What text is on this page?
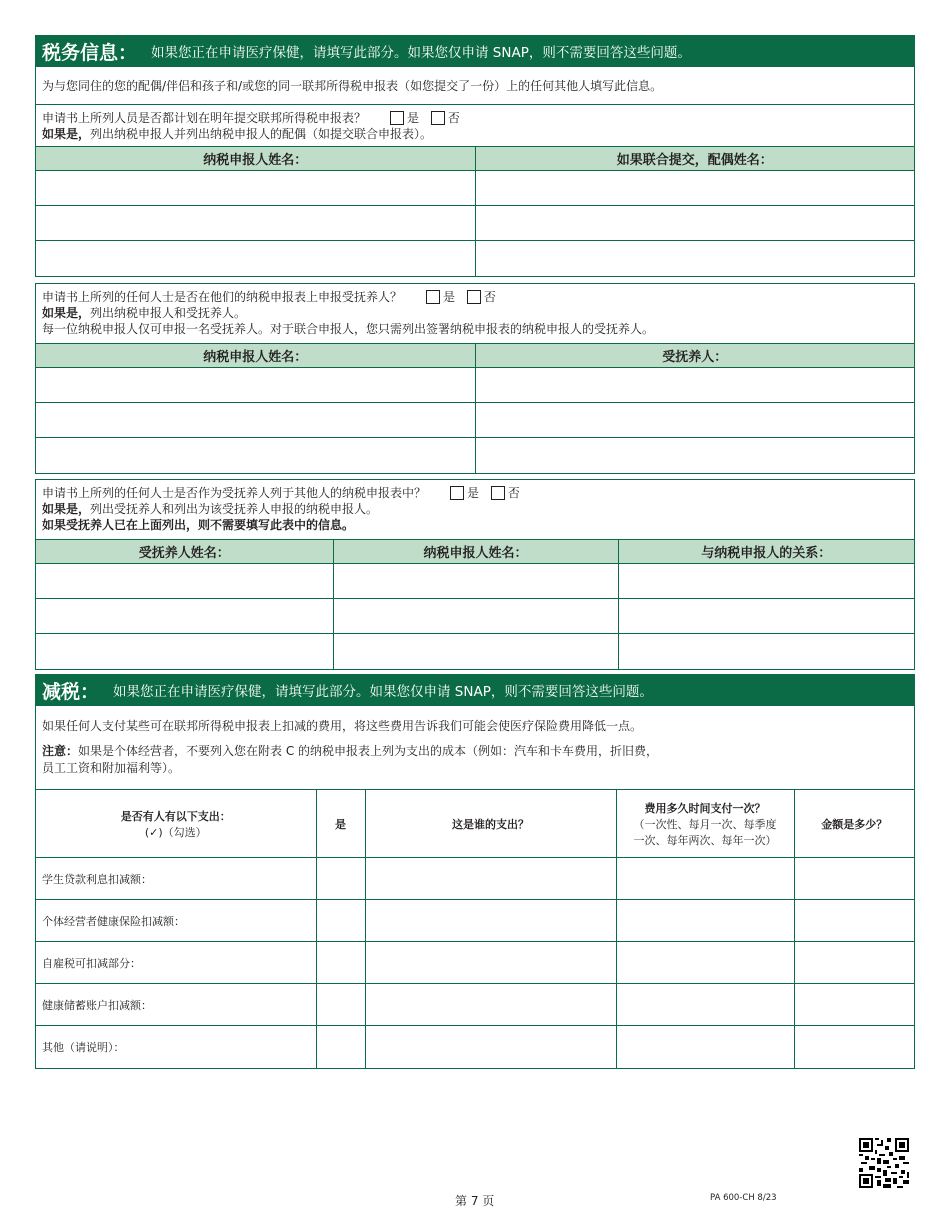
税务信息： 如果您正在申请医疗保健，请填写此部分。如果您仅申请 SNAP，则不需要回答这些问题。
为与您同住的您的配偶/伴侣和孩子和/或您的同一联邦所得税申报表（如您提交了一份）上的任何其他人填写此信息。
申请书上所列人员是否都计划在明年提交联邦所得税申报表？	是 否
如果是，列出纳税申报人并列出纳税申报人的配偶（如提交联合申报表）。
纳税申报人姓名：	如果联合提交，配偶姓名：

申请书上所列的任何人士是否在他们的纳税申报表上申报受抚养人？	是 否
如果是，列出纳税申报人和受抚养人。
每一位纳税申报人仅可申报一名受抚养人。对于联合申报人，您只需列出签署纳税申报表的纳税申报人的受抚养人。
纳税申报人姓名：	受抚养人：

申请书上所列的任何人士是否作为受抚养人列于其他人的纳税申报表中？	是 否
如果是，列出受抚养人和列出为该受抚养人申报的纳税申报人。
如果受抚养人已在上面列出，则不需要填写此表中的信息。
受抚养人姓名：	纳税申报人姓名：	与纳税申报人的关系：

减税： 如果您正在申请医疗保健，请填写此部分。如果您仅申请 SNAP，则不需要回答这些问题。
如果任何人支付某些可在联邦所得税申报表上扣减的费用，将这些费用告诉我们可能会使医疗保险费用降低一点。
注意：如果是个体经营者，不要列入您在附表 C 的纳税申报表上列为支出的成本（例如：汽车和卡车费用，折旧费，
员工工资和附加福利等）。
是否有人有以下支出：
(✓)（勾选）	是	这是谁的支出？	费用多久时间支付一次？
（一次性、每月一次、每季度
一次、每年两次、每年一次）	金额是多少？
学生贷款利息扣减额：				
个体经营者健康保险扣减额：				
自雇税可扣减部分：				
健康储蓄账户扣减额：				
其他（请说明）：				
第 7 页	PA 600-CH 8/23
